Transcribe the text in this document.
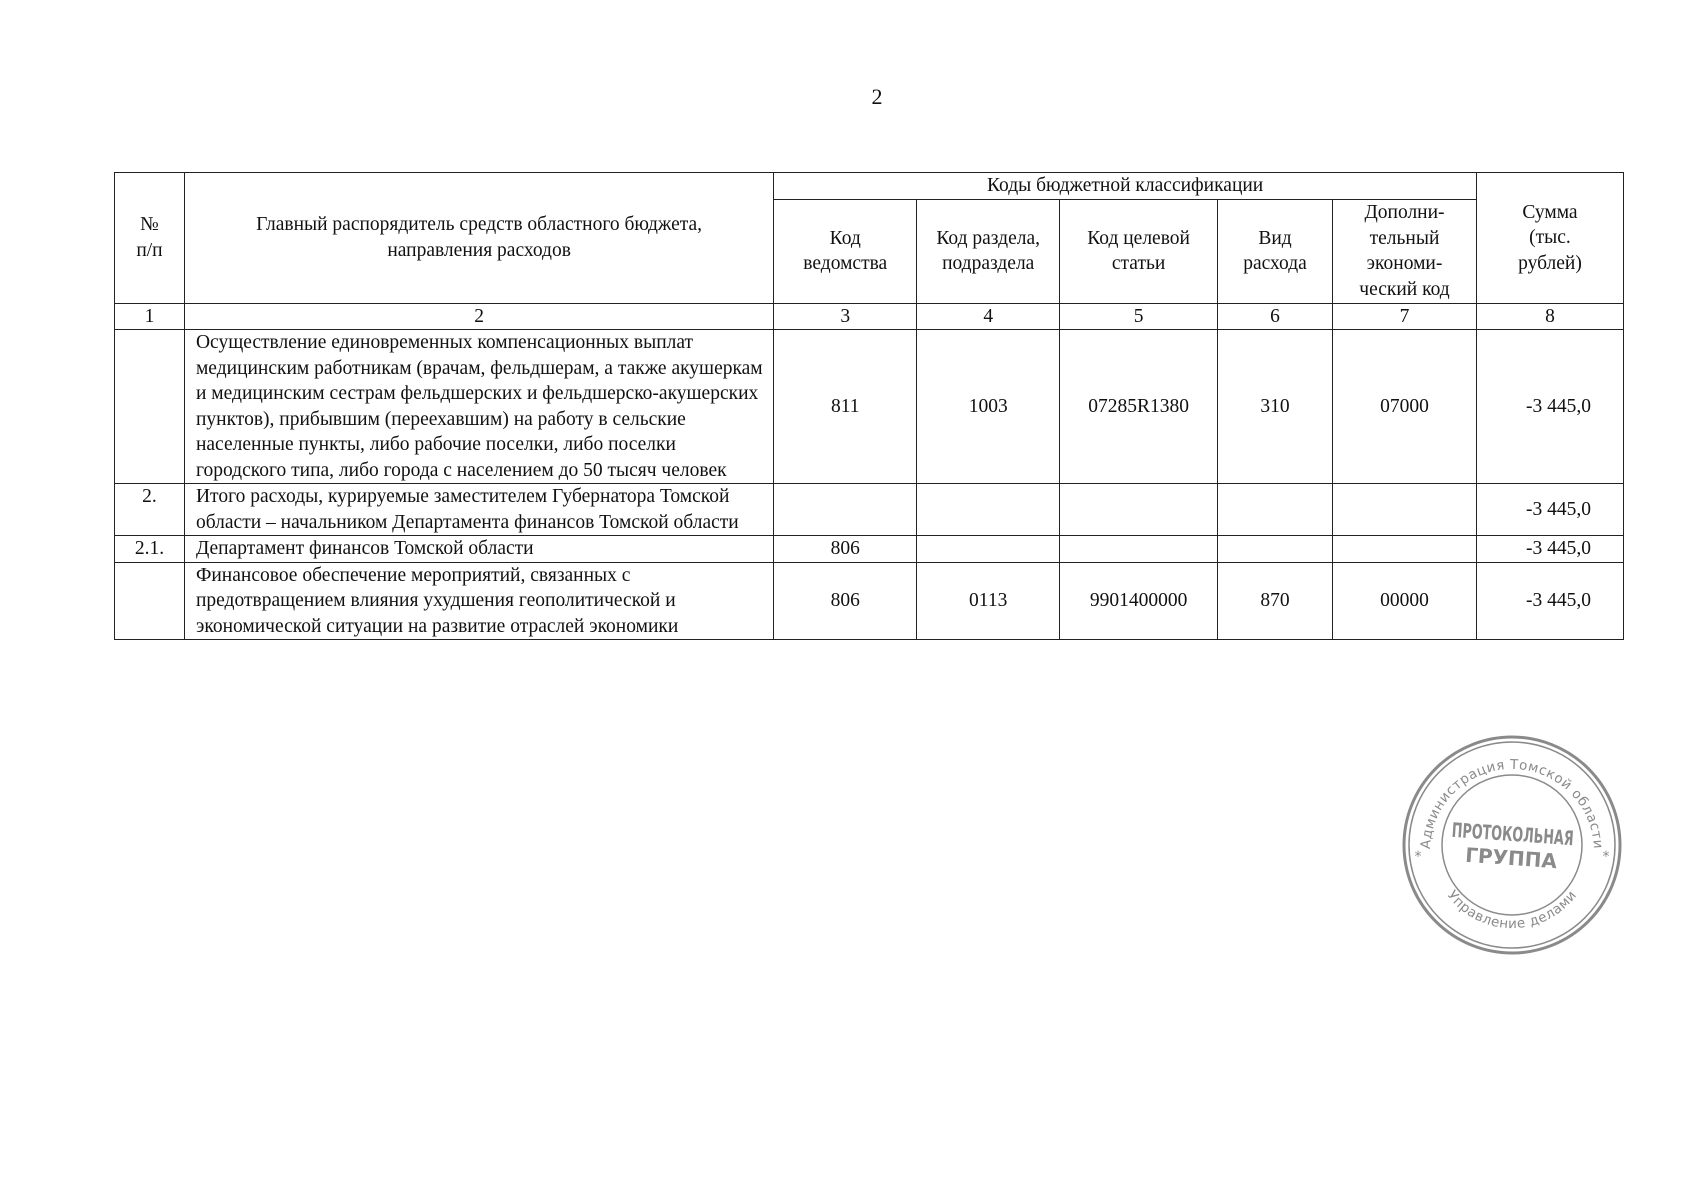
2
№ п/п	Главный распорядитель средств областного бюджета, направления расходов	Коды бюджетной классификации					Сумма (тыс. рублей)
		Код ведомства	Код раздела, подраздела	Код целевой статьи	Вид расхода	Дополни-тельный экономи-ческий код	
1	2	3	4	5	6	7	8
	Осуществление единовременных компенсационных выплат медицинским работникам (врачам, фельдшерам, а также акушеркам и медицинским сестрам фельдшерских и фельдшерско-акушерских пунктов), прибывшим (переехавшим) на работу в сельские населенные пункты, либо рабочие поселки, либо поселки городского типа, либо города с населением до 50 тысяч человек	811	1003	07285R1380	310	07000	-3 445,0
2.	Итого расходы, курируемые заместителем Губернатора Томской области – начальником Департамента финансов Томской области						-3 445,0
2.1.	Департамент финансов Томской области	806					-3 445,0
	Финансовое обеспечение мероприятий, связанных с предотвращением влияния ухудшения геополитической и экономической ситуации на развитие отраслей экономики	806	0113	9901400000	870	00000	-3 445,0
Администрация Томской области
Управление делами
*	*
ПРОТОКОЛЬНАЯ
ГРУППА
